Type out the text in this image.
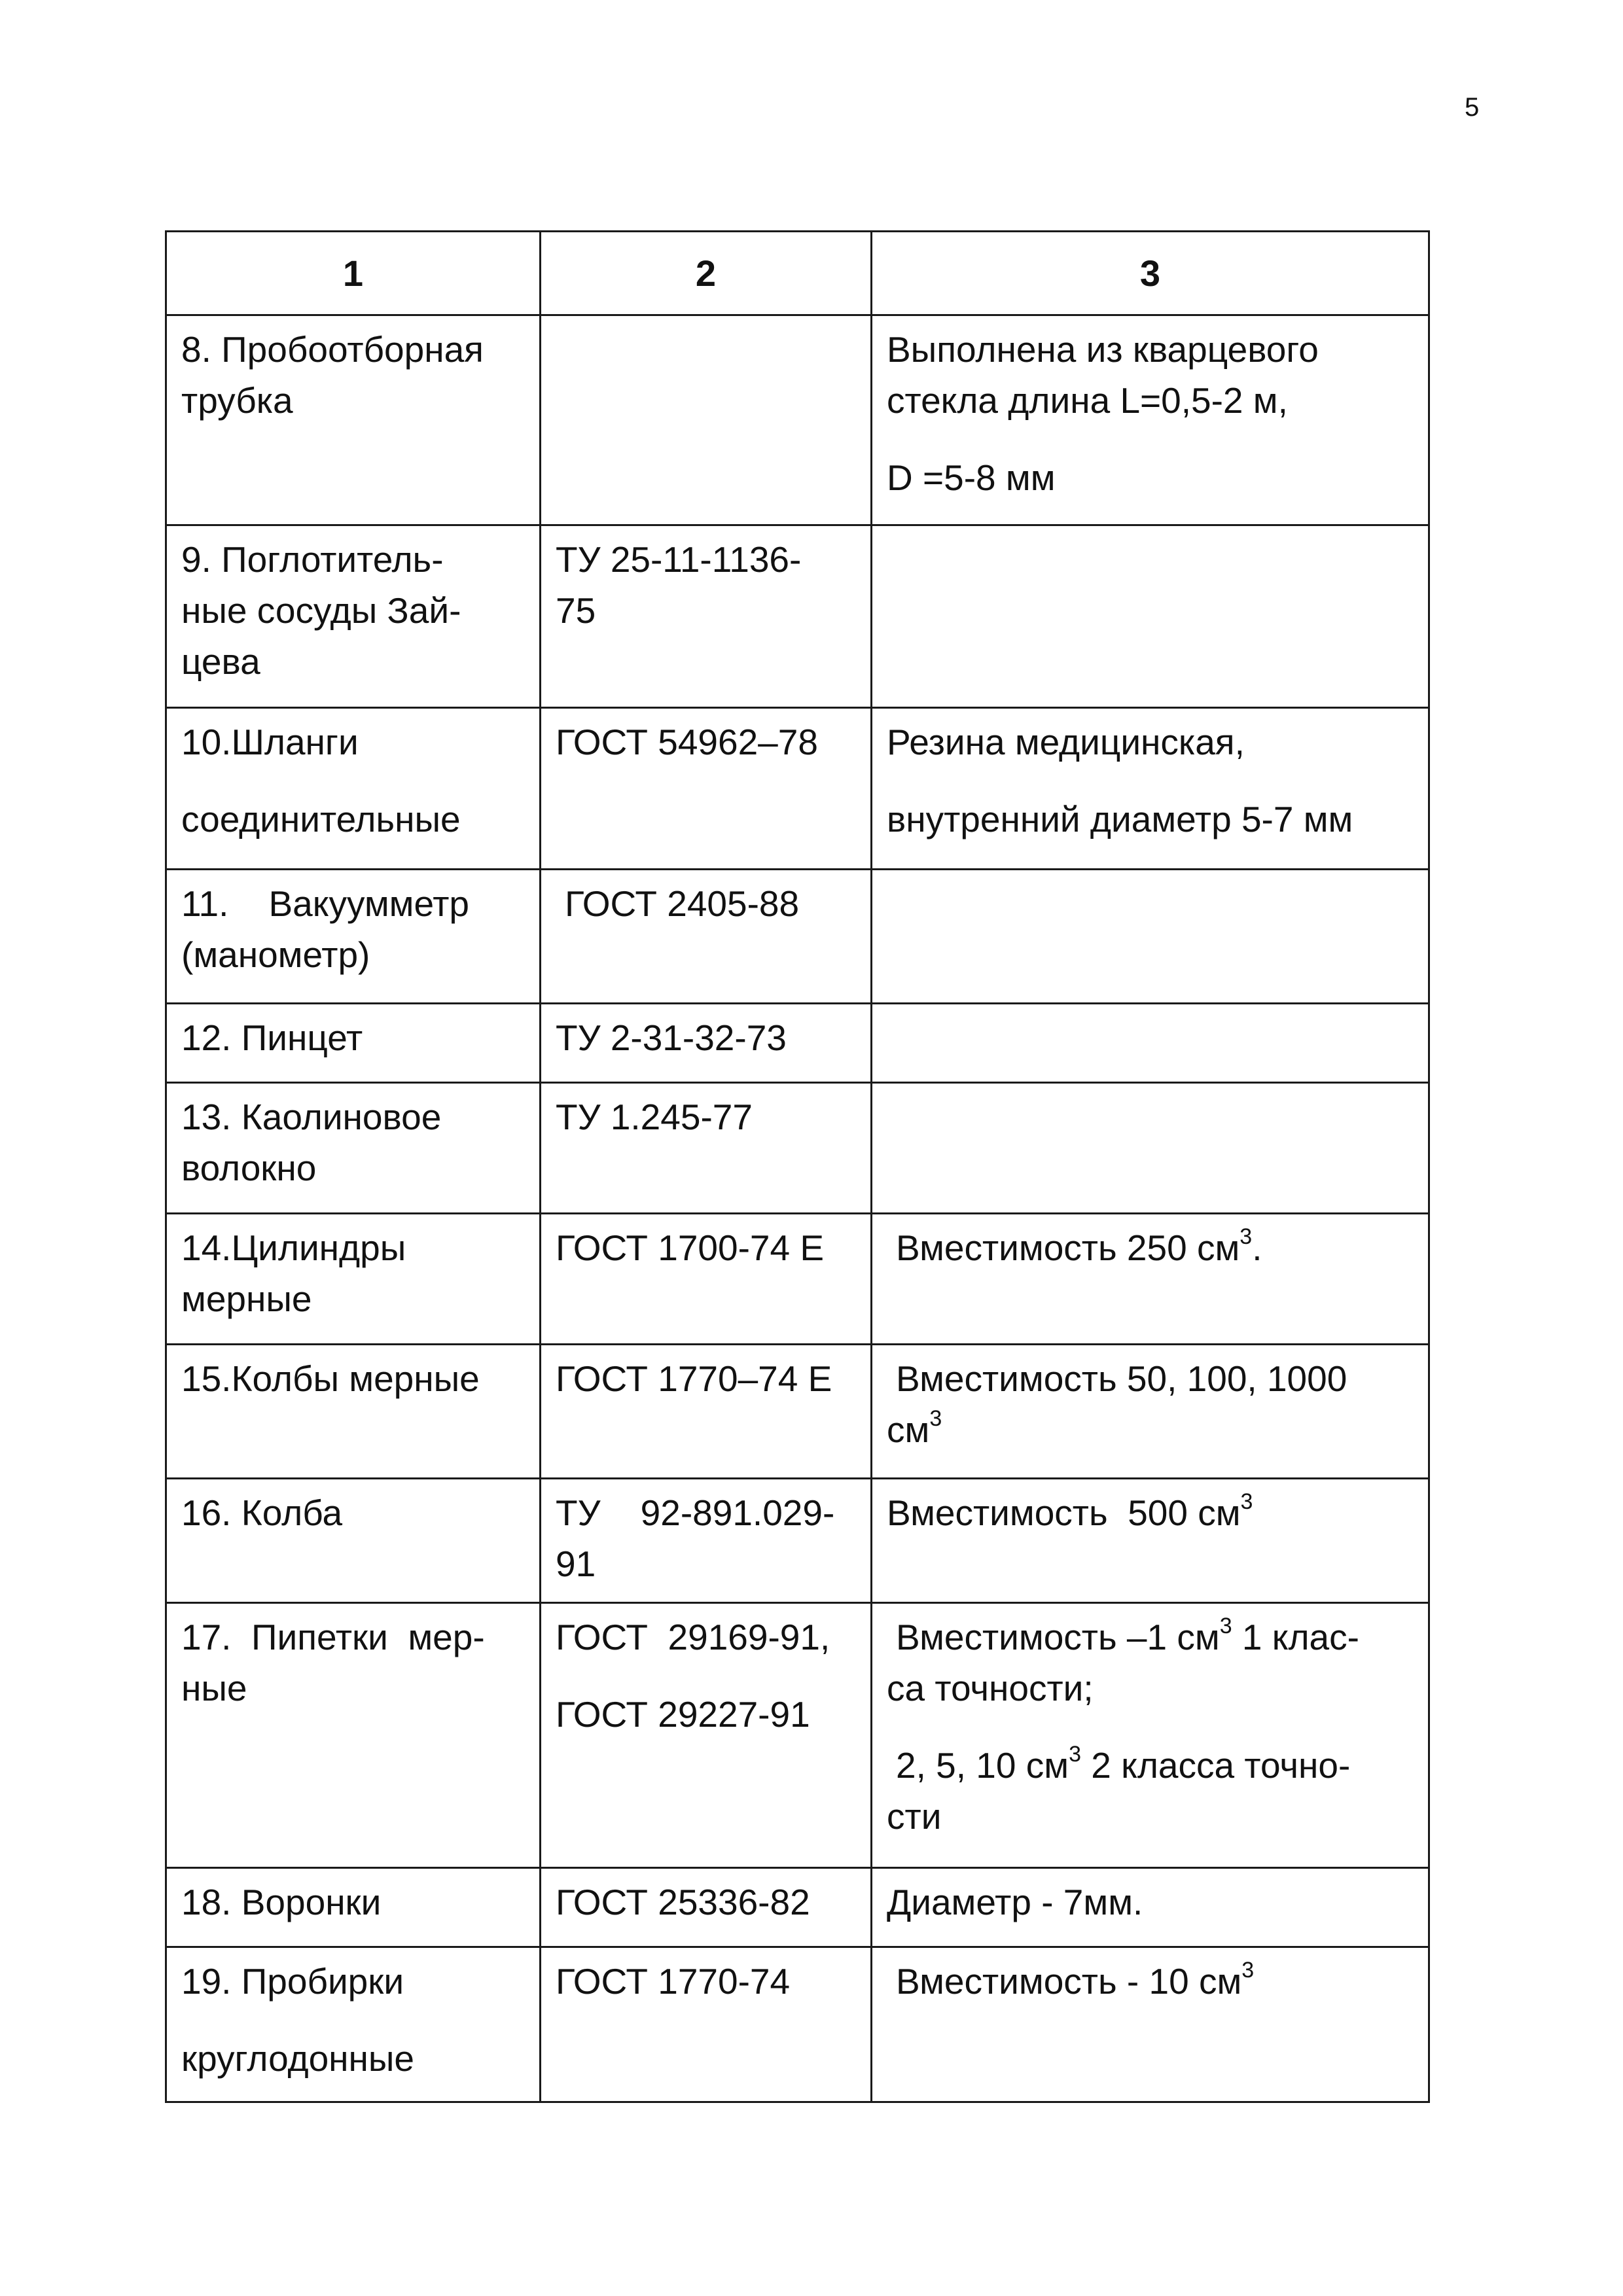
5
1	2	3

8. Пробоотборная
трубка		Выполнена из кварцевого
стекла длина L=0,5-2 м,
D =5-8 мм

9. Поглотитель-
ные сосуды Зай-
цева	ТУ 25-11-1136-
75	

10.Шланги
соединительные	ГОСТ 54962–78	Резина медицинская,
внутренний диаметр 5-7 мм

11.    Вакуумметр
(манометр)	ГОСТ 2405-88	

12. Пинцет	ТУ 2-31-32-73	

13. Каолиновое
волокно	ТУ 1.245-77	

14.Цилиндры
мерные	ГОСТ 1700-74 Е	Вместимость 250 $см^3$.

15.Колбы мерные	ГОСТ 1770–74 Е	Вместимость 50, 100, 1000
$см^3$

16. Колба	ТУ    92-891.029-
91	Вместимость  500 $см^3$

17.  Пипетки  мер-
ные	ГОСТ  29169-91,
ГОСТ 29227-91	Вместимость –1 $см^3$ 1 клас-
са точности;
2, 5, 10 $см^3$ 2 класса точно-
сти

18. Воронки	ГОСТ 25336-82	Диаметр - 7мм.

19. Пробирки
круглодонные	ГОСТ 1770-74	Вместимость - 10 $см^3$
